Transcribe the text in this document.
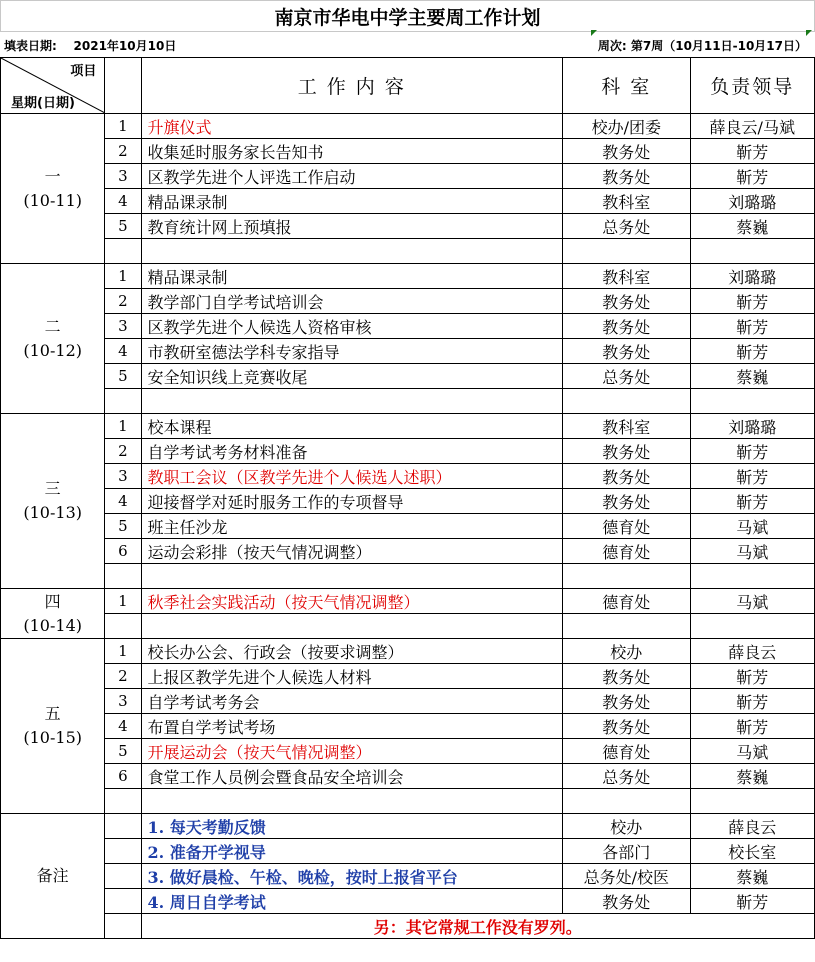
南京市华电中学主要周工作计划
填表日期: 2021年10月10日	周次: 第7周（10月11日-10月17日）
项目
星期(日期)		工 作 内 容	科 室	负责领导

一
(10-11)	1	升旗仪式	校办/团委	薛良云/马斌
	2	收集延时服务家长告知书	教务处	靳芳
	3	区教学先进个人评选工作启动	教务处	靳芳
	4	精品课录制	教科室	刘璐璐
	5	教育统计网上预填报	总务处	蔡巍

二
(10-12)	1	精品课录制	教科室	刘璐璐
	2	教学部门自学考试培训会	教务处	靳芳
	3	区教学先进个人候选人资格审核	教务处	靳芳
	4	市教研室德法学科专家指导	教务处	靳芳
	5	安全知识线上竞赛收尾	总务处	蔡巍

三
(10-13)	1	校本课程	教科室	刘璐璐
	2	自学考试考务材料准备	教务处	靳芳
	3	教职工会议（区教学先进个人候选人述职）	教务处	靳芳
	4	迎接督学对延时服务工作的专项督导	教务处	靳芳
	5	班主任沙龙	德育处	马斌
	6	运动会彩排（按天气情况调整）	德育处	马斌

四
(10-14)	1	秋季社会实践活动（按天气情况调整）	德育处	马斌

五
(10-15)	1	校长办公会、行政会（按要求调整）	校办	薛良云
	2	上报区教学先进个人候选人材料	教务处	靳芳
	3	自学考试考务会	教务处	靳芳
	4	布置自学考试考场	教务处	靳芳
	5	开展运动会（按天气情况调整）	德育处	马斌
	6	食堂工作人员例会暨食品安全培训会	总务处	蔡巍

备注		1. 每天考勤反馈	校办	薛良云
		2. 准备开学视导	各部门	校长室
		3. 做好晨检、午检、晚检，按时上报省平台	总务处/校医	蔡巍
		4. 周日自学考试	教务处	靳芳
		另：其它常规工作没有罗列。		
